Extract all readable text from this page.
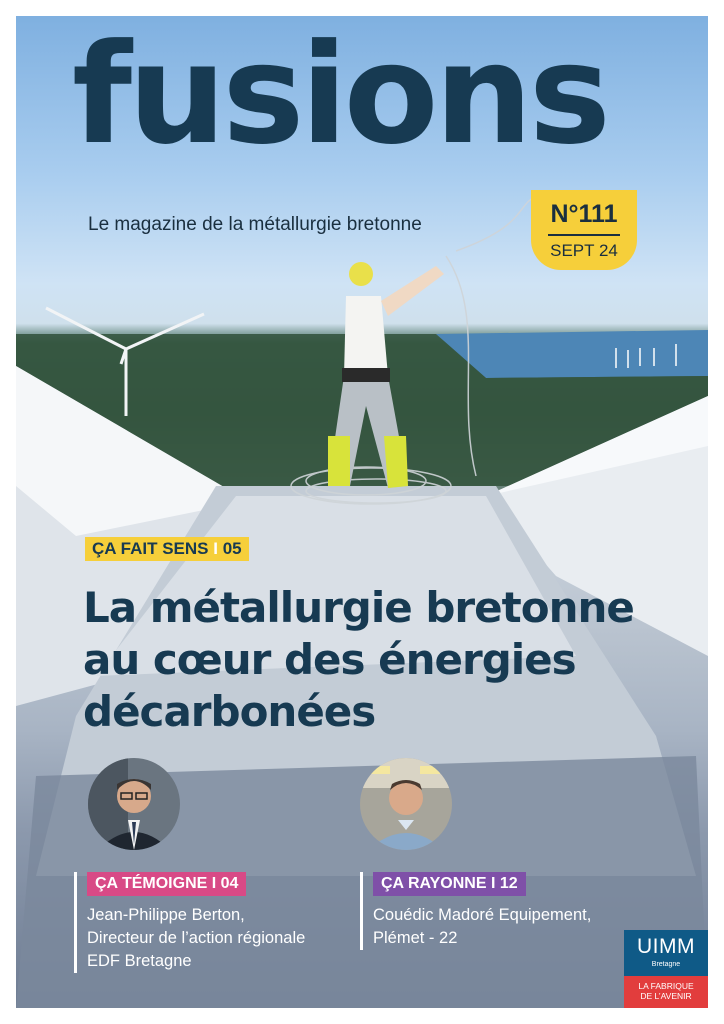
fusions
Le magazine de la métallurgie bretonne	N°111
SEPT 24
ÇA FAIT SENS I 05
La métallurgie bretonne
au cœur des énergies
décarbonées
ÇA TÉMOIGNE I 04
Jean-Philippe Berton,
Directeur de l’action régionale
EDF Bretagne
ÇA RAYONNE I 12
Couédic Madoré Equipement,
Plémet - 22	UIMM
Bretagne
LA FABRIQUE
DE L’AVENIR
